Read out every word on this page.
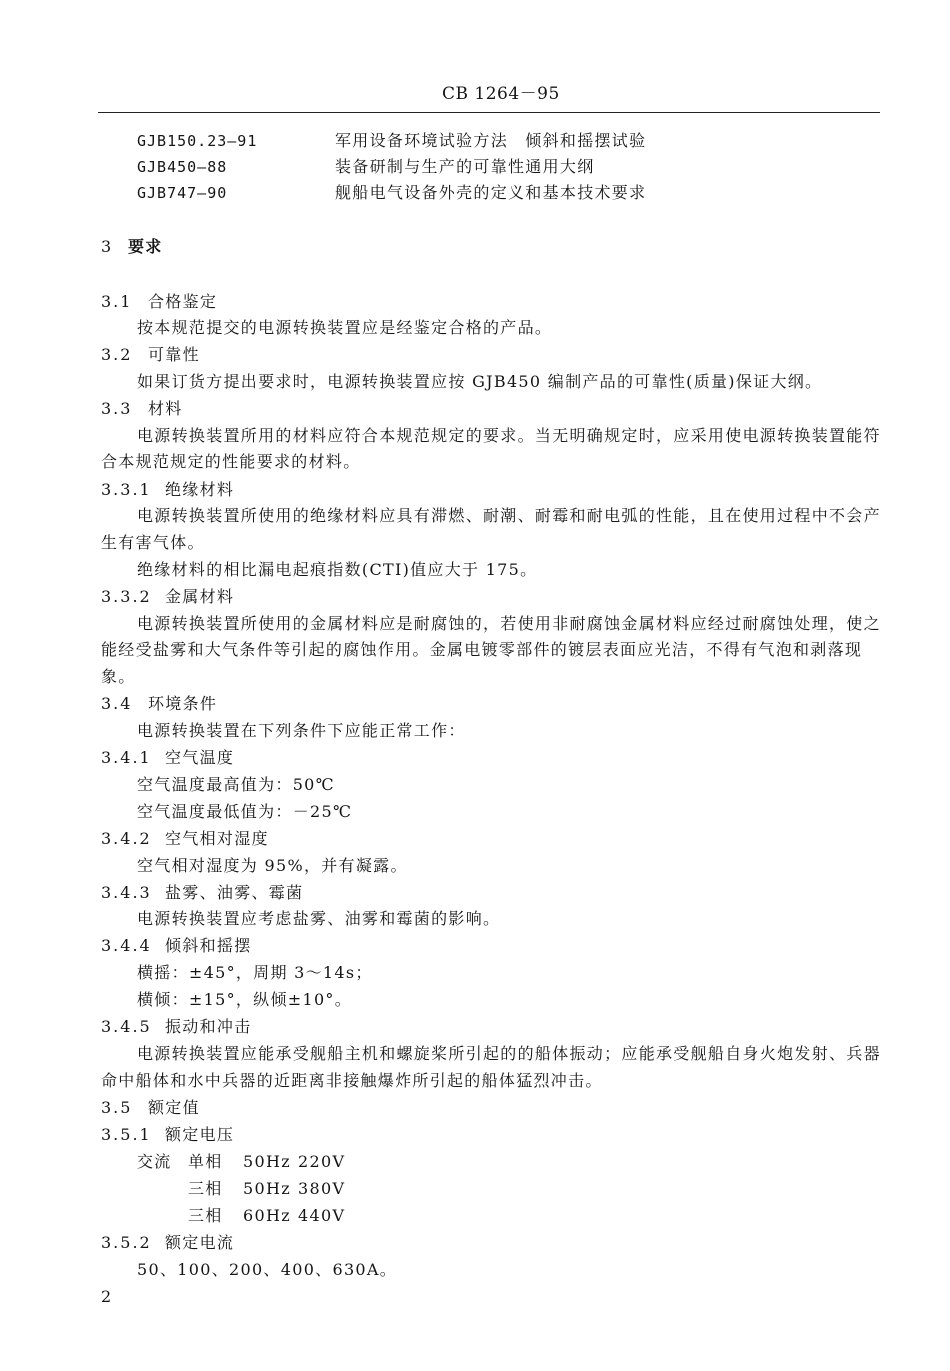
CB 1264－95
GJB150.23—91	军用设备环境试验方法　倾斜和摇摆试验
GJB450—88	装备研制与生产的可靠性通用大纲
GJB747—90	舰船电气设备外壳的定义和基本技术要求
3 要求
3.1 合格鉴定
按本规范提交的电源转换装置应是经鉴定合格的产品。
3.2 可靠性
如果订货方提出要求时，电源转换装置应按 GJB450 编制产品的可靠性(质量)保证大纲。
3.3 材料
电源转换装置所用的材料应符合本规范规定的要求。当无明确规定时，应采用使电源转换装置能符
合本规范规定的性能要求的材料。
3.3.1 绝缘材料
电源转换装置所使用的绝缘材料应具有滞燃、耐潮、耐霉和耐电弧的性能，且在使用过程中不会产
生有害气体。
绝缘材料的相比漏电起痕指数(CTI)值应大于 175。
3.3.2 金属材料
电源转换装置所使用的金属材料应是耐腐蚀的，若使用非耐腐蚀金属材料应经过耐腐蚀处理，使之
能经受盐雾和大气条件等引起的腐蚀作用。金属电镀零部件的镀层表面应光洁，不得有气泡和剥落现
象。
3.4 环境条件
电源转换装置在下列条件下应能正常工作：
3.4.1 空气温度
空气温度最高值为：50℃
空气温度最低值为：－25℃
3.4.2 空气相对湿度
空气相对湿度为 95%，并有凝露。
3.4.3 盐雾、油雾、霉菌
电源转换装置应考虑盐雾、油雾和霉菌的影响。
3.4.4 倾斜和摇摆
横摇：±45°，周期 3～14s；
横倾：±15°，纵倾±10°。
3.4.5 振动和冲击
电源转换装置应能承受舰船主机和螺旋桨所引起的的船体振动；应能承受舰船自身火炮发射、兵器
命中船体和水中兵器的近距离非接触爆炸所引起的船体猛烈冲击。
3.5 额定值
3.5.1 额定电压
交流 单相 50Hz 220V
三相 50Hz 380V
三相 60Hz 440V
3.5.2 额定电流
50、100、200、400、630A。
2
